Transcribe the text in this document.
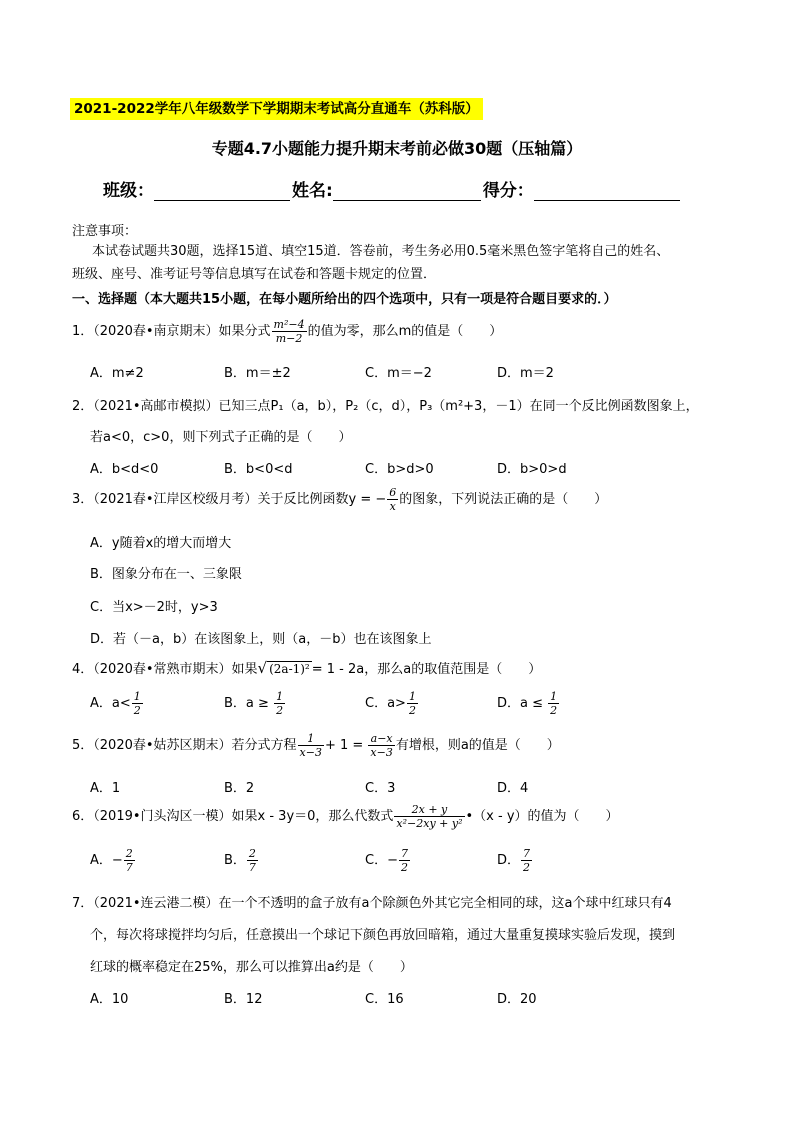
2021-2022学年八年级数学下学期期末考试高分直通车（苏科版）
专题4.7小题能力提升期末考前必做30题（压轴篇）
班级：	姓名:	得分：
注意事项：
本试卷试题共30题，选择15道、填空15道．答卷前，考生务必用0.5毫米黑色签字笔将自己的姓名、
班级、座号、准考证号等信息填写在试卷和答题卡规定的位置．
一、选择题（本大题共15小题，在每小题所给出的四个选项中，只有一项是符合题目要求的．）
1．（2020春•南京期末）如果分式 $\frac{\text{m²−4}}{m-2}$ 的值为零，那么m的值是（　　）
A．m≠2	B．m＝±2	C．m＝−2	D．m＝2
2．（2021•高邮市模拟）已知三点P₁（a，b），P₂（c，d），P₃（m²+3，－1）在同一个反比例函数图象上，
若a<0，c>0，则下列式子正确的是（　　）
A．b<d<0	B．b<0<d	C．b>d>0	D．b>0>d
3．（2021春•江岸区校级月考）关于反比例函数y = − $\frac{6}{x}$ 的图象，下列说法正确的是（　　）
A．y随着x的增大而增大
B．图象分布在一、三象限
C．当x>－2时，y>3
D．若（－a，b）在该图象上，则（a，－b）也在该图象上
4．（2020春•常熟市期末）如果√ (2a-1)² = 1 - 2a，那么a的取值范围是（　　）
A．$a< \frac{1}{2}$	B．$a \ge \frac{1}{2}$	C．$a> \frac{1}{2}$	D．$a \le \frac{1}{2}$
5．（2020春•姑苏区期末）若分式方程 $\frac{1}{x-3} + 1 = \frac{a-x}{x-3}$ 有增根，则a的值是（　　）
A．1	B．2	C．3	D．4
6．（2019•门头沟区一模）如果x - 3y＝0，那么代数式 $\frac{2x + y}{\text{x²−2xy + y²}}$ •（x - y）的值为（　　）
A．− $\frac{2}{7}$	B． $\frac{2}{7}$	C．− $\frac{7}{2}$	D． $\frac{7}{2}$
7．（2021•连云港二模）在一个不透明的盒子放有a个除颜色外其它完全相同的球，这a个球中红球只有4
个，每次将球搅拌均匀后，任意摸出一个球记下颜色再放回暗箱，通过大量重复摸球实验后发现，摸到
红球的概率稳定在25%，那么可以推算出a约是（　　）
A．10	B．12	C．16	D．20
